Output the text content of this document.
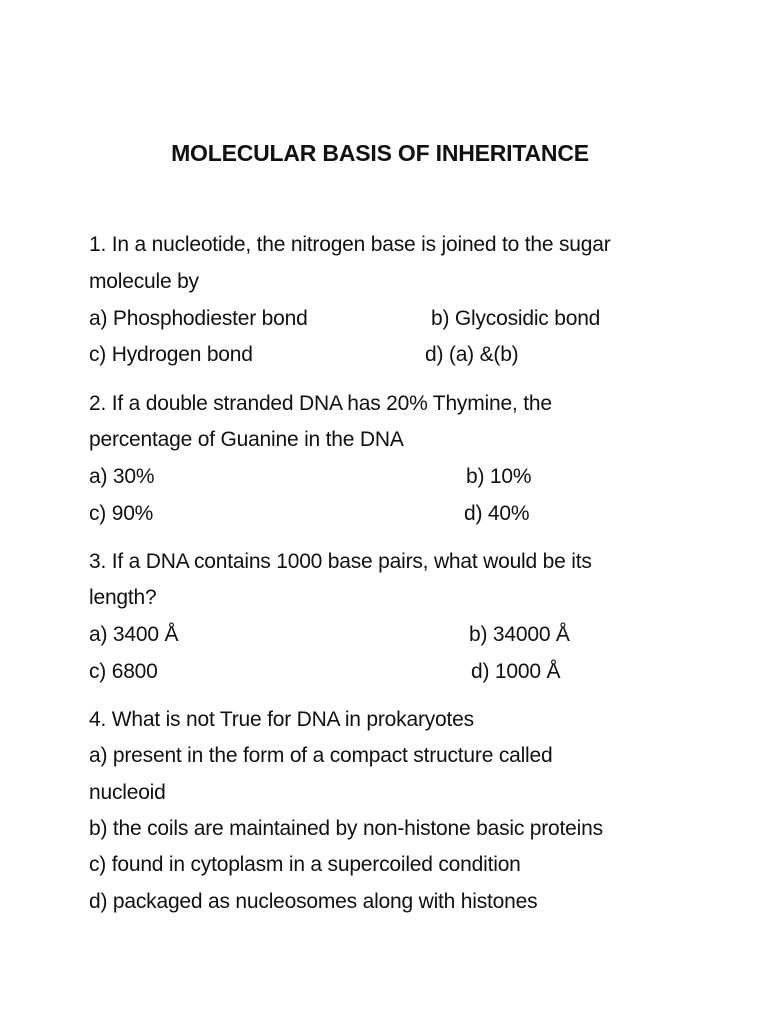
MOLECULAR BASIS OF INHERITANCE
1. In a nucleotide, the nitrogen base is joined to the sugar
molecule by
a) Phosphodiester bond	b) Glycosidic bond
c) Hydrogen bond	d) (a) &(b)
2. If a double stranded DNA has 20% Thymine, the
percentage of Guanine in the DNA
a) 30%	b) 10%
c) 90%	d) 40%
3. If a DNA contains 1000 base pairs, what would be its
length?
a) 3400 Å	b) 34000 Å
c) 6800	d) 1000 Å
4. What is not True for DNA in prokaryotes
a) present in the form of a compact structure called
nucleoid
b) the coils are maintained by non-histone basic proteins
c) found in cytoplasm in a supercoiled condition
d) packaged as nucleosomes along with histones
